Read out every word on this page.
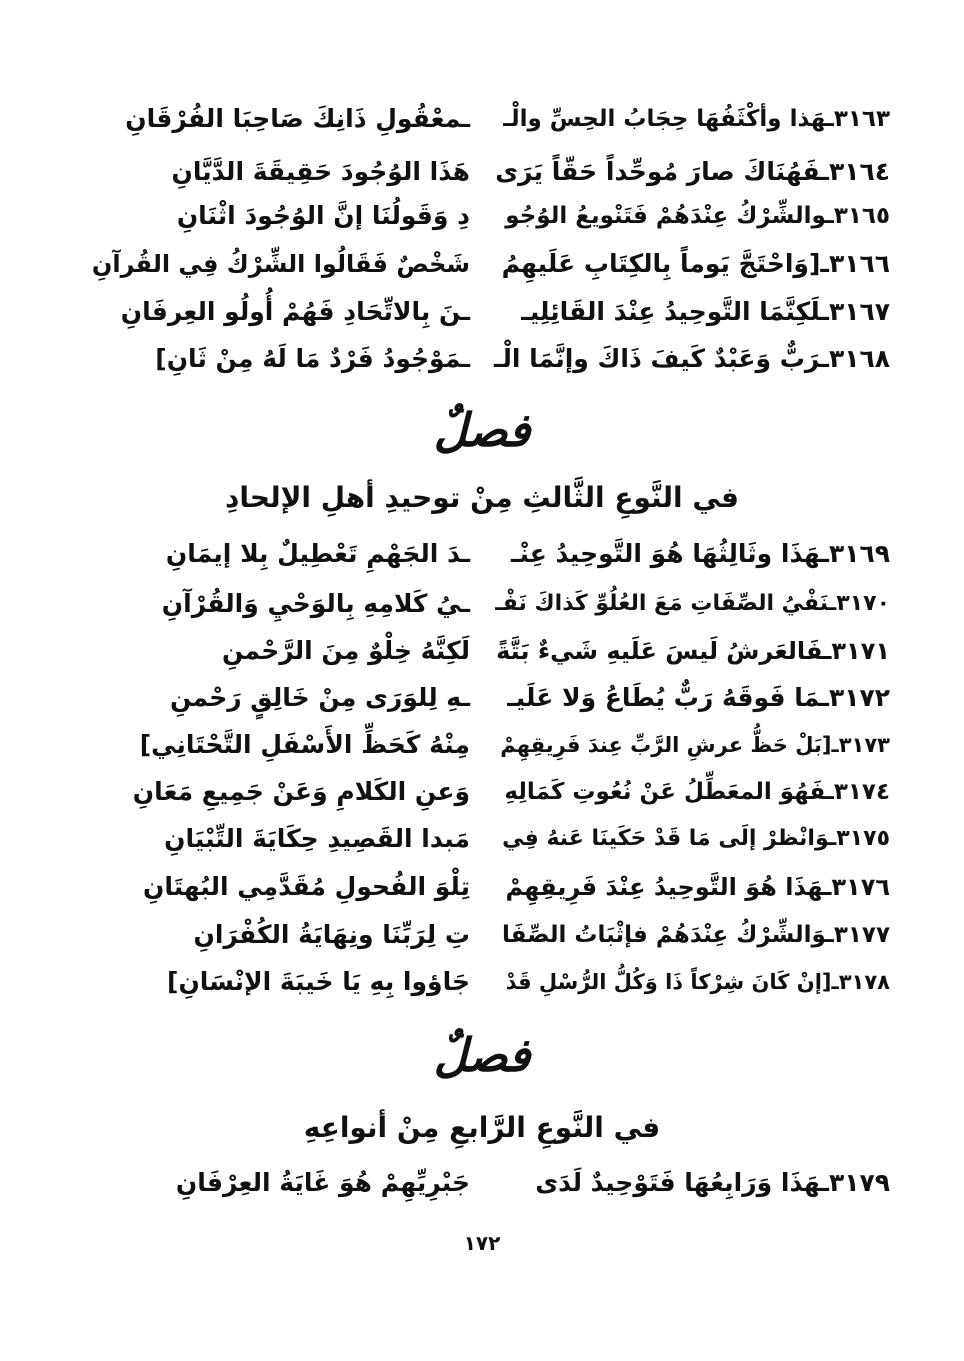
٣١٦٣ـهَذا وأكْثَفُهَا حِجَابُ الحِسِّ والْـ
ـمعْقُولِ ذَانِكَ صَاحِبَا الفُرْقَانِ
٣١٦٤ـفَهُنَاكَ صارَ مُوحِّداً حَقّاً يَرَى
هَذَا الوُجُودَ حَقِيقَةَ الدَّيَّانِ
٣١٦٥ـوالشِّرْكُ عِنْدَهُمْ فَتَنْويعُ الوُجُو
دِ وَقَولُنَا إنَّ الوُجُودَ اثْنَانِ
٣١٦٦ـ[وَاحْتَجَّ يَوماً بِالكِتَابِ عَلَيهِمُ
شَخْصٌ فَقَالُوا الشِّرْكُ فِي القُرآنِ
٣١٦٧ـلَكِنَّمَا التَّوحِيدُ عِنْدَ القَائِلِيـ
ـنَ بِالاتِّحَادِ فَهُمْ أُولُو العِرفَانِ
٣١٦٨ـرَبٌّ وَعَبْدٌ كَيفَ ذَاكَ وإنَّمَا الْـ
ـمَوْجُودُ فَرْدٌ مَا لَهُ مِنْ ثَانِ]
فصلٌ
في النَّوعِ الثَّالثِ مِنْ توحيدِ أهلِ الإلحادِ
٣١٦٩ـهَذَا وثَالِثُهَا هُوَ التَّوحِيدُ عِنْـ
ـدَ الجَهْمِ تَعْطِيلٌ بِلا إيمَانِ
٣١٧٠ـنَفْيُ الصِّفَاتِ مَعَ العُلُوِّ كَذاكَ نَفْـ
ـيُ كَلامِهِ بِالوَحْيِ وَالقُرْآنِ
٣١٧١ـفَالعَرشُ لَيسَ عَلَيهِ شَيءٌ بَتَّةً
لَكِنَّهُ خِلْوٌ مِنَ الرَّحْمنِ
٣١٧٢ـمَا فَوقَهُ رَبٌّ يُطَاعُ وَلا عَلَيـ
ـهِ لِلوَرَى مِنْ خَالِقٍ رَحْمنِ
٣١٧٣ـ[بَلْ حَظُّ عرشِ الرَّبِّ عِندَ فَرِيقِهِمْ
مِنْهُ كَحَظِّ الأَسْفَلِ التَّحْتَانِي]
٣١٧٤ـفَهُوَ المعَطِّلُ عَنْ نُعُوتِ كَمَالِهِ
وَعنِ الكَلامِ وَعَنْ جَمِيعِ مَعَانِ
٣١٧٥ـوَانْظرْ إلَى مَا قَدْ حَكَينَا عَنهُ فِي
مَبدا القَصِيدِ حِكَايَةَ التِّبْيَانِ
٣١٧٦ـهَذَا هُوَ التَّوحِيدُ عِنْدَ فَرِيقِهِمْ
تِلْوَ الفُحولِ مُقَدَّمِي البُهتَانِ
٣١٧٧ـوَالشِّرْكُ عِنْدَهُمْ فإثْبَاتُ الصِّفَا
تِ لِرَبِّنَا ونِهَايَةُ الكُفْرَانِ
٣١٧٨ـ[إنْ كَانَ شِرْكاً ذَا وَكُلُّ الرُّسْلِ قَدْ
جَاؤوا بِهِ يَا خَيبَةَ الإنْسَانِ]
فصلٌ
في النَّوعِ الرَّابعِ مِنْ أنواعِهِ
٣١٧٩ـهَذَا وَرَابِعُهَا فَتَوْحِيدٌ لَدَى
جَبْرِيِّهِمْ هُوَ غَايَةُ العِرْفَانِ
١٧٢
